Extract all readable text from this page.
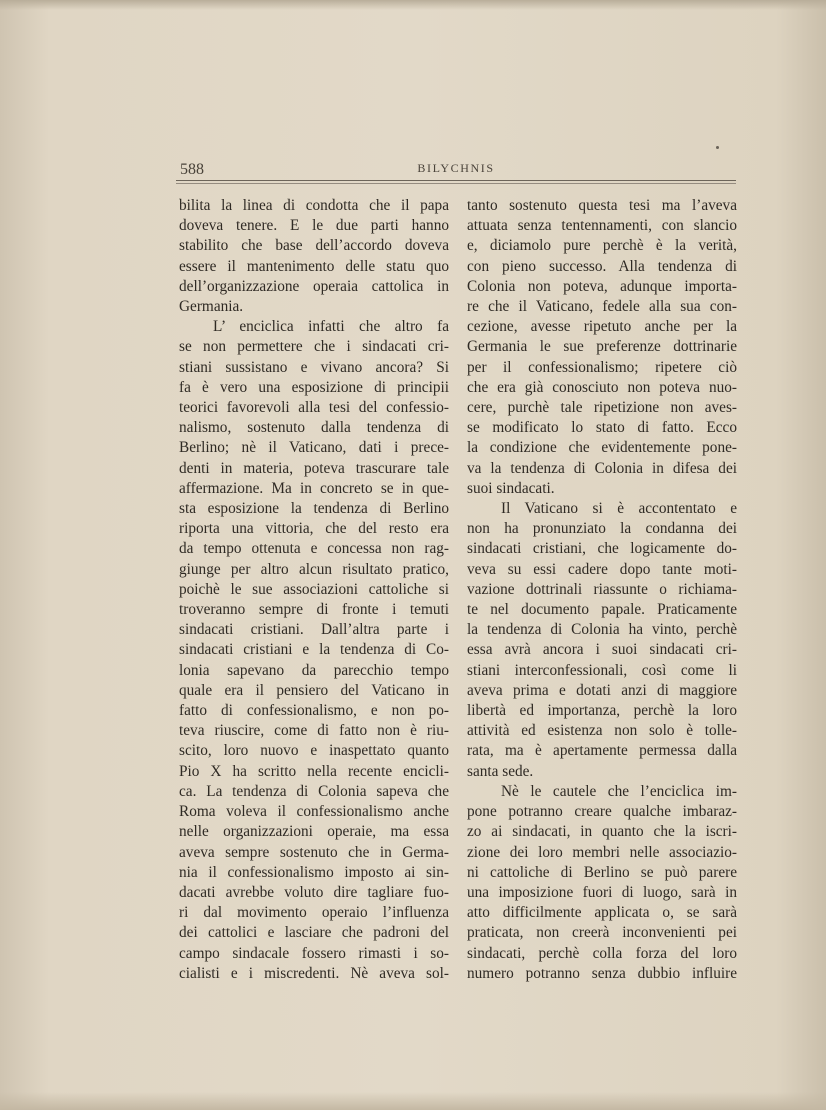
588	BILYCHNIS
bilita la linea di condotta che il papa
doveva tenere. E le due parti hanno
stabilito che base dell’accordo doveva
essere il mantenimento delle statu quo
dell’organizzazione operaia cattolica in
Germania.
L’ enciclica infatti che altro fa
se non permettere che i sindacati cri-
stiani sussistano e vivano ancora? Si
fa è vero una esposizione di principii
teorici favorevoli alla tesi del confessio-
nalismo, sostenuto dalla tendenza di
Berlino; nè il Vaticano, dati i prece-
denti in materia, poteva trascurare tale
affermazione. Ma in concreto se in que-
sta esposizione la tendenza di Berlino
riporta una vittoria, che del resto era
da tempo ottenuta e concessa non rag-
giunge per altro alcun risultato pratico,
poichè le sue associazioni cattoliche si
troveranno sempre di fronte i temuti
sindacati cristiani. Dall’altra parte i
sindacati cristiani e la tendenza di Co-
lonia sapevano da parecchio tempo
quale era il pensiero del Vaticano in
fatto di confessionalismo, e non po-
teva riuscire, come di fatto non è riu-
scito, loro nuovo e inaspettato quanto
Pio X ha scritto nella recente encicli-
ca. La tendenza di Colonia sapeva che
Roma voleva il confessionalismo anche
nelle organizzazioni operaie, ma essa
aveva sempre sostenuto che in Germa-
nia il confessionalismo imposto ai sin-
dacati avrebbe voluto dire tagliare fuo-
ri dal movimento operaio l’influenza
dei cattolici e lasciare che padroni del
campo sindacale fossero rimasti i so-
cialisti e i miscredenti. Nè aveva sol-
tanto sostenuto questa tesi ma l’aveva
attuata senza tentennamenti, con slancio
e, diciamolo pure perchè è la verità,
con pieno successo. Alla tendenza di
Colonia non poteva, adunque importa-
re che il Vaticano, fedele alla sua con-
cezione, avesse ripetuto anche per la
Germania le sue preferenze dottrinarie
per il confessionalismo; ripetere ciò
che era già conosciuto non poteva nuo-
cere, purchè tale ripetizione non aves-
se modificato lo stato di fatto. Ecco
la condizione che evidentemente pone-
va la tendenza di Colonia in difesa dei
suoi sindacati.
Il Vaticano si è accontentato e
non ha pronunziato la condanna dei
sindacati cristiani, che logicamente do-
veva su essi cadere dopo tante moti-
vazione dottrinali riassunte o richiama-
te nel documento papale. Praticamente
la tendenza di Colonia ha vinto, perchè
essa avrà ancora i suoi sindacati cri-
stiani interconfessionali, così come li
aveva prima e dotati anzi di maggiore
libertà ed importanza, perchè la loro
attività ed esistenza non solo è tolle-
rata, ma è apertamente permessa dalla
santa sede.
Nè le cautele che l’enciclica im-
pone potranno creare qualche imbaraz-
zo ai sindacati, in quanto che la iscri-
zione dei loro membri nelle associazio-
ni cattoliche di Berlino se può parere
una imposizione fuori di luogo, sarà in
atto difficilmente applicata o, se sarà
praticata, non creerà inconvenienti pei
sindacati, perchè colla forza del loro
numero potranno senza dubbio influire
